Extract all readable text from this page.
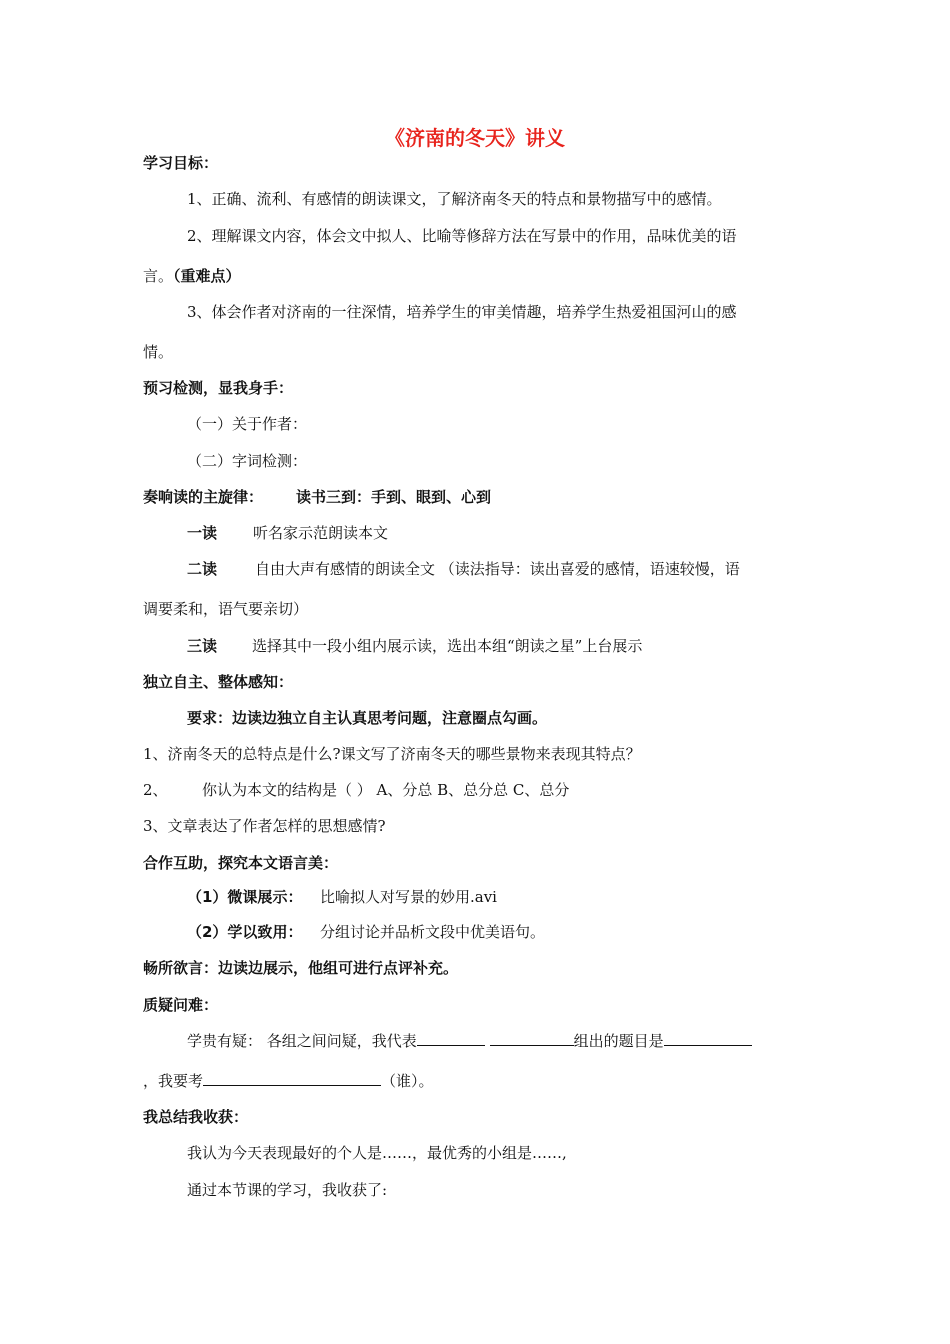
《济南的冬天》讲义
学习目标：
1、正确、流利、有感情的朗读课文，了解济南冬天的特点和景物描写中的感情。
2、理解课文内容，体会文中拟人、比喻等修辞方法在写景中的作用，品味优美的语
言。（重难点）
3、体会作者对济南的一往深情，培养学生的审美情趣，培养学生热爱祖国河山的感
情。
预习检测，显我身手：
（一）关于作者：
（二）字词检测：
奏响读的主旋律： 读书三到：手到、眼到、心到
一读 听名家示范朗读本文
二读	自由大声有感情的朗读全文 （读法指导：读出喜爱的感情，语速较慢，语
调要柔和，语气要亲切）
三读 选择其中一段小组内展示读，选出本组“朗读之星”上台展示
独立自主、整体感知：
要求：边读边独立自主认真思考问题，注意圈点勾画。
1、济南冬天的总特点是什么?课文写了济南冬天的哪些景物来表现其特点？
2、 你认为本文的结构是（ ） A、分总 B、总分总 C、总分
3、文章表达了作者怎样的思想感情?
合作互助，探究本文语言美：
（1）微课展示： 比喻拟人对写景的妙用.avi
（2）学以致用： 分组讨论并品析文段中优美语句。
畅所欲言：边读边展示，他组可进行点评补充。
质疑问难：
学贵有疑： 各组之间问疑，我代表	组出的题目是
，我要考	（谁）。
我总结我收获：
我认为今天表现最好的个人是……，最优秀的小组是……,
通过本节课的学习，我收获了:
